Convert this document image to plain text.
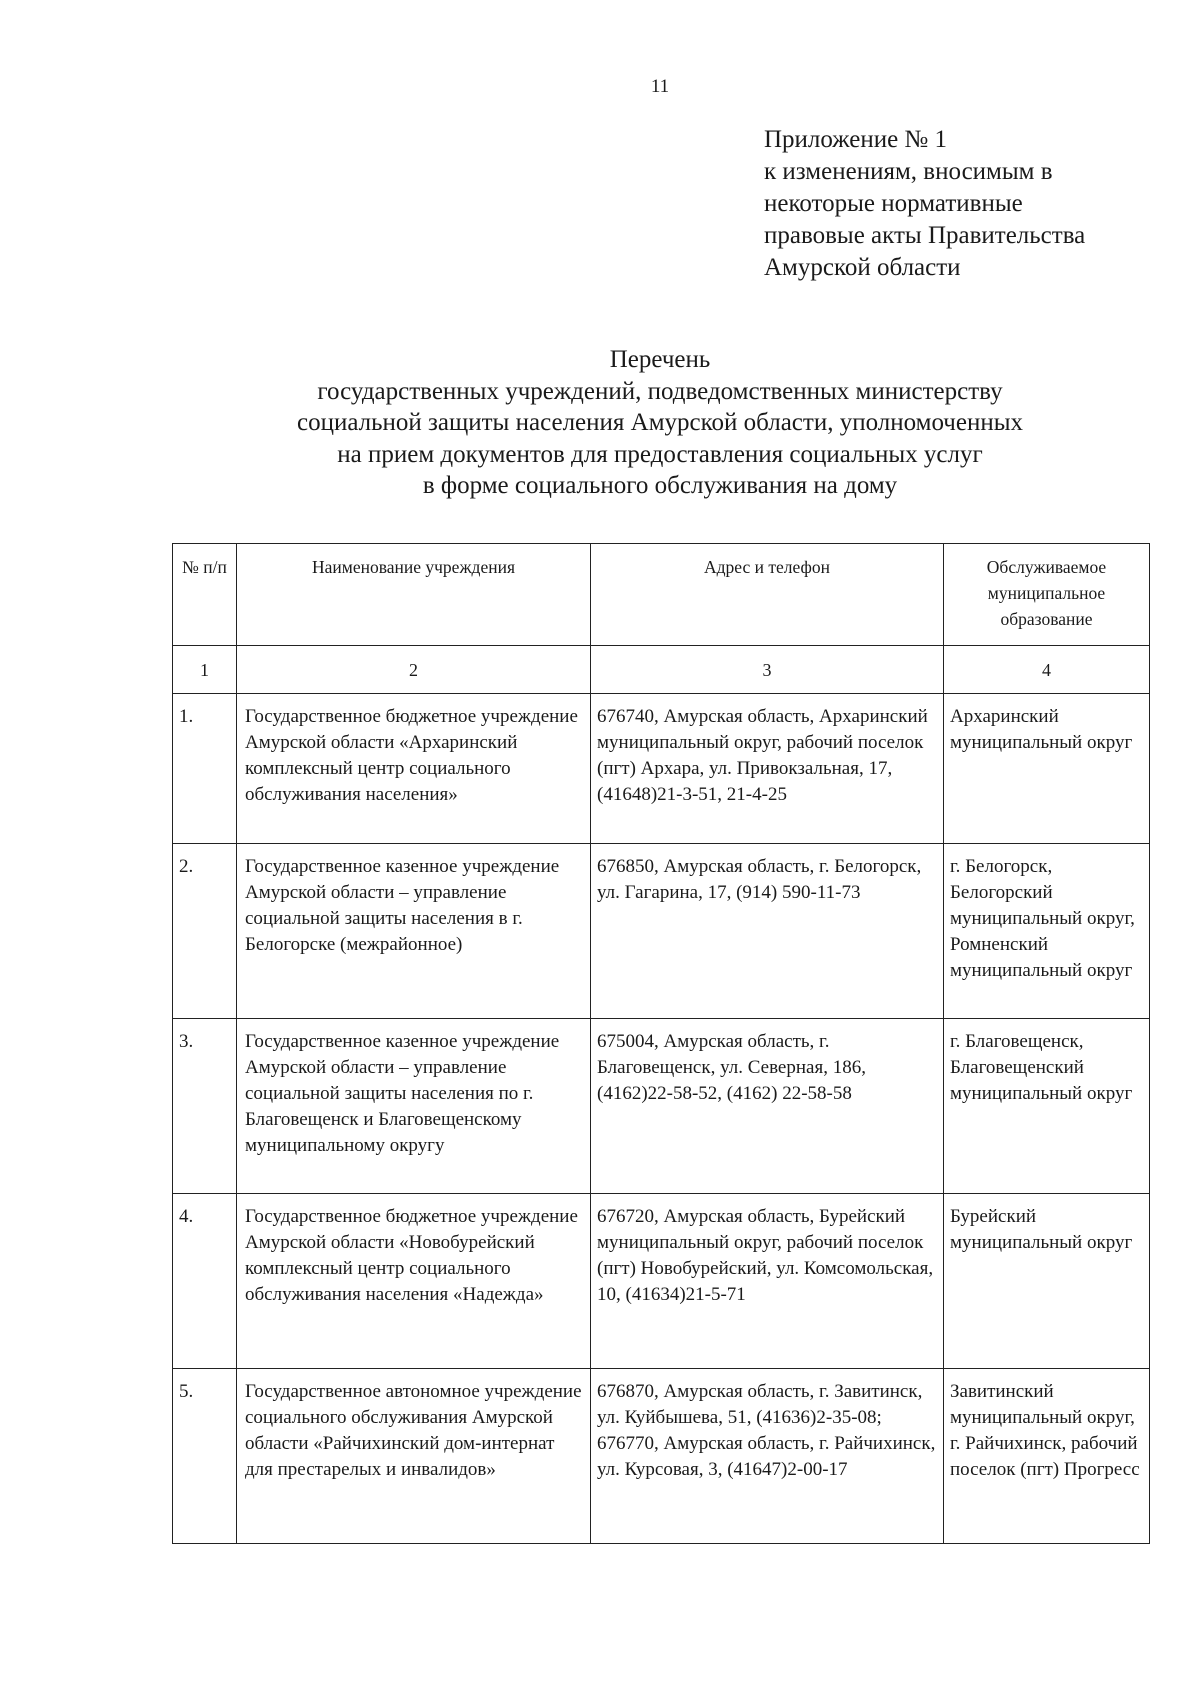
11
Приложение № 1
к изменениям, вносимым в
некоторые нормативные
правовые акты Правительства
Амурской области
Перечень
государственных учреждений, подведомственных министерству
социальной защиты населения Амурской области, уполномоченных
на прием документов для предоставления социальных услуг
в форме социального обслуживания на дому
№ п/п	Наименование учреждения	Адрес и телефон	Обслуживаемое муниципальное образование
1	2	3	4
1.	Государственное бюджетное учреждение Амурской области «Архаринский комплексный центр социального обслуживания населения»	676740, Амурская область, Архаринский муниципальный округ, рабочий поселок (пгт) Архара, ул. Привокзальная, 17, (41648)21-3-51, 21-4-25	Архаринский муниципальный округ
2.	Государственное казенное учреждение Амурской области – управление социальной защиты населения в г. Белогорске (межрайонное)	676850, Амурская область, г. Белогорск, ул. Гагарина, 17, (914) 590-11-73	г. Белогорск, Белогорский муниципальный округ, Ромненский муниципальный округ
3.	Государственное казенное учреждение Амурской области – управление социальной защиты населения по г. Благовещенск и Благовещенскому муниципальному округу	675004, Амурская область, г. Благовещенск, ул. Северная, 186, (4162)22-58-52, (4162) 22-58-58	г. Благовещенск, Благовещенский муниципальный округ
4.	Государственное бюджетное учреждение Амурской области «Новобурейский комплексный центр социального обслуживания населения «Надежда»	676720, Амурская область, Бурейский муниципальный округ, рабочий поселок (пгт) Новобурейский, ул. Комсомольская, 10, (41634)21-5-71	Бурейский муниципальный округ
5.	Государственное автономное учреждение социального обслуживания Амурской области «Райчихинский дом-интернат для престарелых и инвалидов»	676870, Амурская область, г. Завитинск, ул. Куйбышева, 51, (41636)2-35-08; 676770, Амурская область, г. Райчихинск, ул. Курсовая, 3, (41647)2-00-17	Завитинский муниципальный округ, г. Райчихинск, рабочий поселок (пгт) Прогресс
